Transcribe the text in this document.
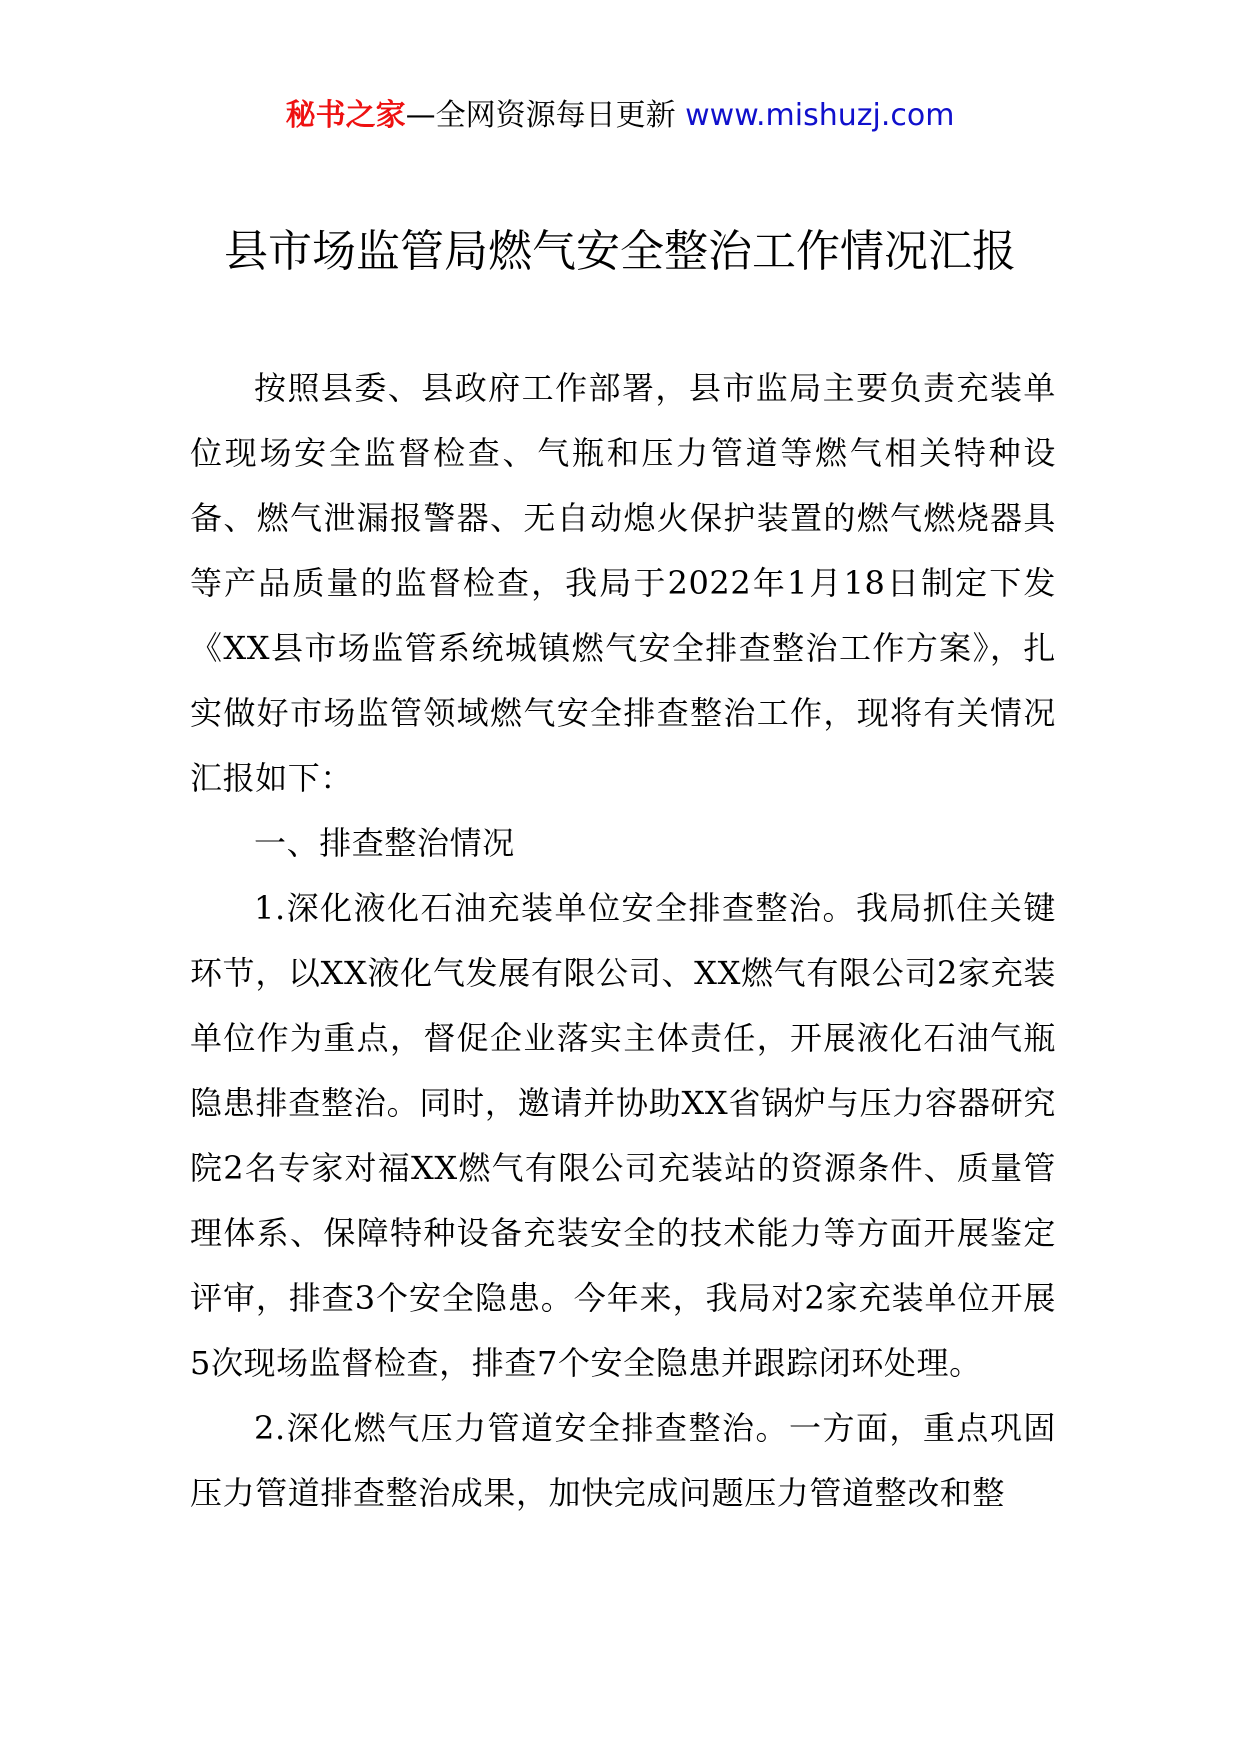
秘书之家—全网资源每日更新 www.mishuzj.com
县市场监管局燃气安全整治工作情况汇报

按照县委、县政府工作部署，县市监局主要负责充装单位现场安全监督检查、气瓶和压力管道等燃气相关特种设备、燃气泄漏报警器、无自动熄火保护装置的燃气燃烧器具等产品质量的监督检查，我局于2022年1月18日制定下发《XX县市场监管系统城镇燃气安全排查整治工作方案》，扎实做好市场监管领域燃气安全排查整治工作，现将有关情况汇报如下：

一、排查整治情况

1.深化液化石油充装单位安全排查整治。我局抓住关键环节，以XX液化气发展有限公司、XX燃气有限公司2家充装单位作为重点，督促企业落实主体责任，开展液化石油气瓶隐患排查整治。同时，邀请并协助XX省锅炉与压力容器研究院2名专家对福XX燃气有限公司充装站的资源条件、质量管理体系、保障特种设备充装安全的技术能力等方面开展鉴定评审，排查3个安全隐患。今年来，我局对2家充装单位开展5次现场监督检查，排查7个安全隐患并跟踪闭环处理。

2.深化燃气压力管道安全排查整治。一方面，重点巩固压力管道排查整治成果，加快完成问题压力管道整改和整
